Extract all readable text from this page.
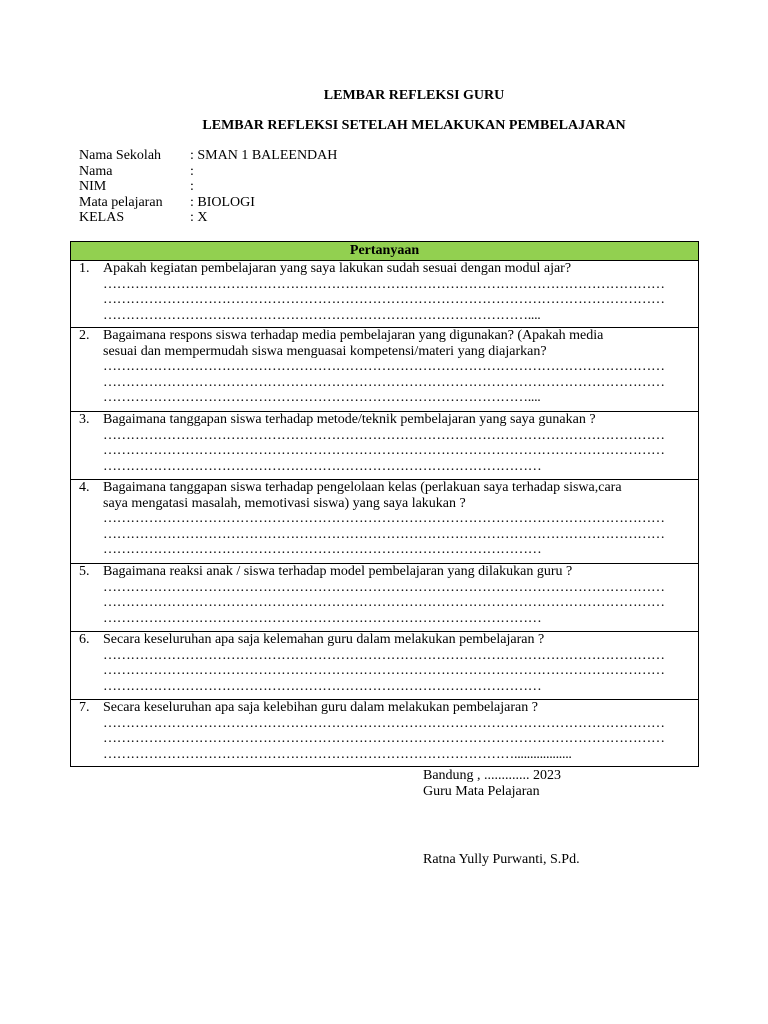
LEMBAR REFLEKSI GURU
LEMBAR REFLEKSI SETELAH MELAKUKAN PEMBELAJARAN
Nama Sekolah	: SMAN 1 BALEENDAH
Nama	:
NIM	:
Mata pelajaran	: BIOLOGI
KELAS	: X
Pertanyaan
1. Apakah kegiatan pembelajaran yang saya lakukan sudah sesuai dengan modul ajar?
……………………………………………………………………………………………………………
……………………………………………………………………………………………………………
…………………………………………………………………………………....
2. Bagaimana respons siswa terhadap media pembelajaran yang digunakan? (Apakah media
sesuai dan mempermudah siswa menguasai kompetensi/materi yang diajarkan?
……………………………………………………………………………………………………………
……………………………………………………………………………………………………………
…………………………………………………………………………………....
3. Bagaimana tanggapan siswa terhadap metode/teknik pembelajaran yang saya gunakan ?
……………………………………………………………………………………………………………
……………………………………………………………………………………………………………
……………………………………………………………………………………
4. Bagaimana tanggapan siswa terhadap pengelolaan kelas (perlakuan saya terhadap siswa,cara
saya mengatasi masalah, memotivasi siswa) yang saya lakukan ?
……………………………………………………………………………………………………………
……………………………………………………………………………………………………………
……………………………………………………………………………………
5. Bagaimana reaksi anak / siswa terhadap model pembelajaran yang dilakukan guru ?
……………………………………………………………………………………………………………
……………………………………………………………………………………………………………
……………………………………………………………………………………
6. Secara keseluruhan apa saja kelemahan guru dalam melakukan pembelajaran ?
……………………………………………………………………………………………………………
……………………………………………………………………………………………………………
……………………………………………………………………………………
7. Secara keseluruhan apa saja kelebihan guru dalam melakukan pembelajaran ?
……………………………………………………………………………………………………………
……………………………………………………………………………………………………………
………………………………………………………………………………..................
Bandung , ............. 2023
Guru Mata Pelajaran
Ratna Yully Purwanti, S.Pd.
